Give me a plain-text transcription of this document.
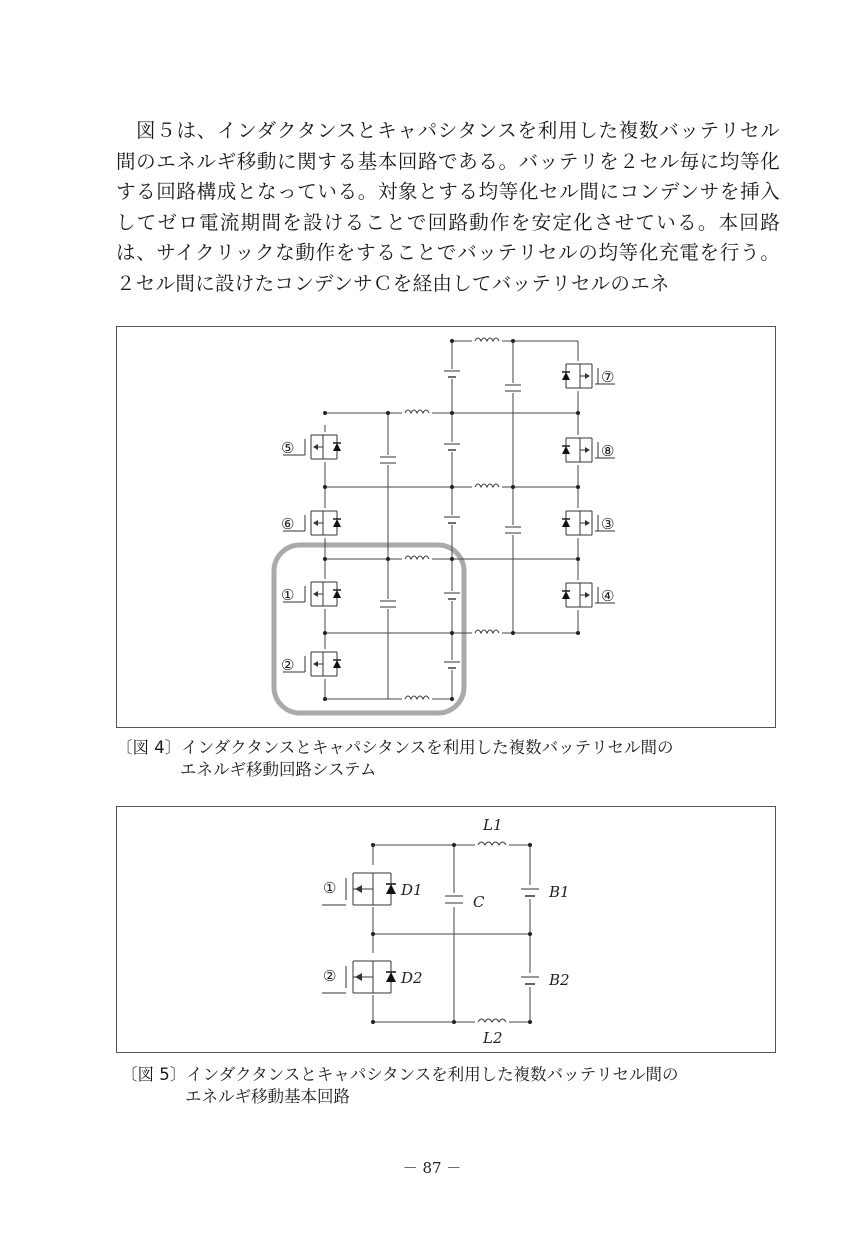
図５は、インダクタンスとキャパシタンスを利用した複数バッテリセル間のエネルギ移動に関する基本回路である。バッテリを２セル毎に均等化する回路構成となっている。対象とする均等化セル間にコンデンサを挿入してゼロ電流期間を設けることで回路動作を安定化させている。本回路は、サイクリックな動作をすることでバッテリセルの均等化充電を行う。２セル間に設けたコンデンサＣを経由してバッテリセルのエネ

⑤
⑥
①
②
⑦
⑧
③
④
〔図 4〕インダクタンスとキャパシタンスを利用した複数バッテリセル間の
エネルギ移動回路システム
L1
L2
D1
D2
C
B1
B2
①
②
〔図 5〕インダクタンスとキャパシタンスを利用した複数バッテリセル間の
エネルギ移動基本回路
－ 87 －
